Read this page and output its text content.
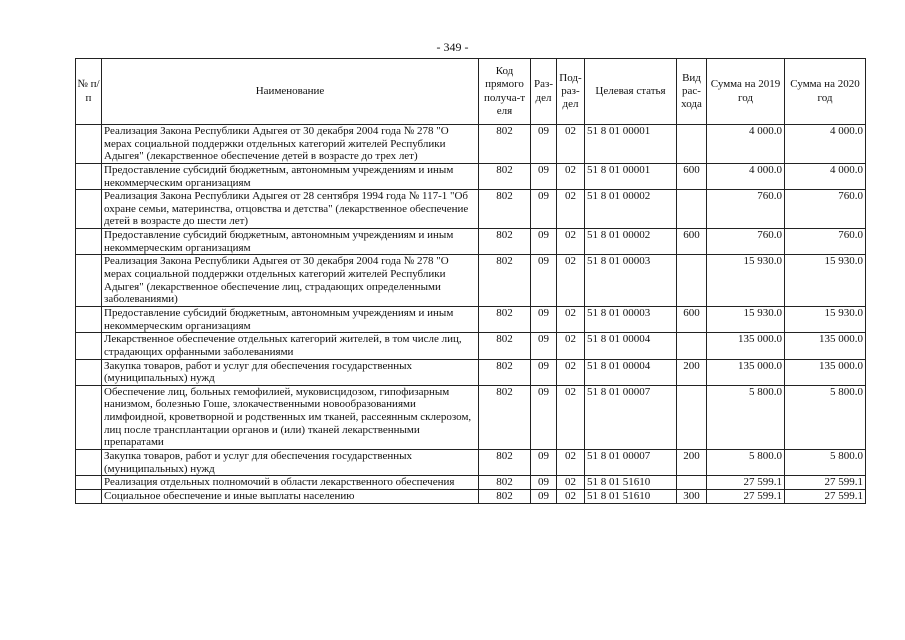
- 349 -
№ п/п	Наименование	Код прямого получа-т еля	Раз- дел	Под- раз- дел	Целевая статья	Вид рас- хода	Сумма на 2019 год	Сумма на 2020 год
	Реализация Закона Республики Адыгея от 30 декабря 2004 года № 278 "О мерах социальной поддержки отдельных категорий жителей Республики Адыгея" (лекарственное обеспечение детей в возрасте до трех лет)	802	09	02	51 8 01 00001		4 000.0	4 000.0
	Предоставление субсидий бюджетным, автономным учреждениям и иным некоммерческим организациям	802	09	02	51 8 01 00001	600	4 000.0	4 000.0
	Реализация Закона Республики Адыгея от 28 сентября 1994 года № 117-1 "Об охране семьи, материнства, отцовства и детства" (лекарственное обеспечение детей в возрасте до шести лет)	802	09	02	51 8 01 00002		760.0	760.0
	Предоставление субсидий бюджетным, автономным учреждениям и иным некоммерческим организациям	802	09	02	51 8 01 00002	600	760.0	760.0
	Реализация Закона Республики Адыгея от 30 декабря 2004 года № 278 "О мерах социальной поддержки отдельных категорий жителей Республики Адыгея" (лекарственное обеспечение лиц, страдающих определенными заболеваниями)	802	09	02	51 8 01 00003		15 930.0	15 930.0
	Предоставление субсидий бюджетным, автономным учреждениям и иным некоммерческим организациям	802	09	02	51 8 01 00003	600	15 930.0	15 930.0
	Лекарственное обеспечение отдельных категорий жителей, в том числе лиц, страдающих орфанными заболеваниями	802	09	02	51 8 01 00004		135 000.0	135 000.0
	Закупка товаров, работ и услуг для обеспечения государственных (муниципальных) нужд	802	09	02	51 8 01 00004	200	135 000.0	135 000.0
	Обеспечение лиц, больных гемофилией, муковисцидозом, гипофизарным нанизмом, болезнью Гоше, злокачественными новообразованиями лимфоидной, кроветворной и родственных им тканей, рассеянным склерозом, лиц после трансплантации органов и (или) тканей лекарственными препаратами	802	09	02	51 8 01 00007		5 800.0	5 800.0
	Закупка товаров, работ и услуг для обеспечения государственных (муниципальных) нужд	802	09	02	51 8 01 00007	200	5 800.0	5 800.0
	Реализация отдельных полномочий в области лекарственного обеспечения	802	09	02	51 8 01 51610		27 599.1	27 599.1
	Социальное обеспечение и иные выплаты населению	802	09	02	51 8 01 51610	300	27 599.1	27 599.1
